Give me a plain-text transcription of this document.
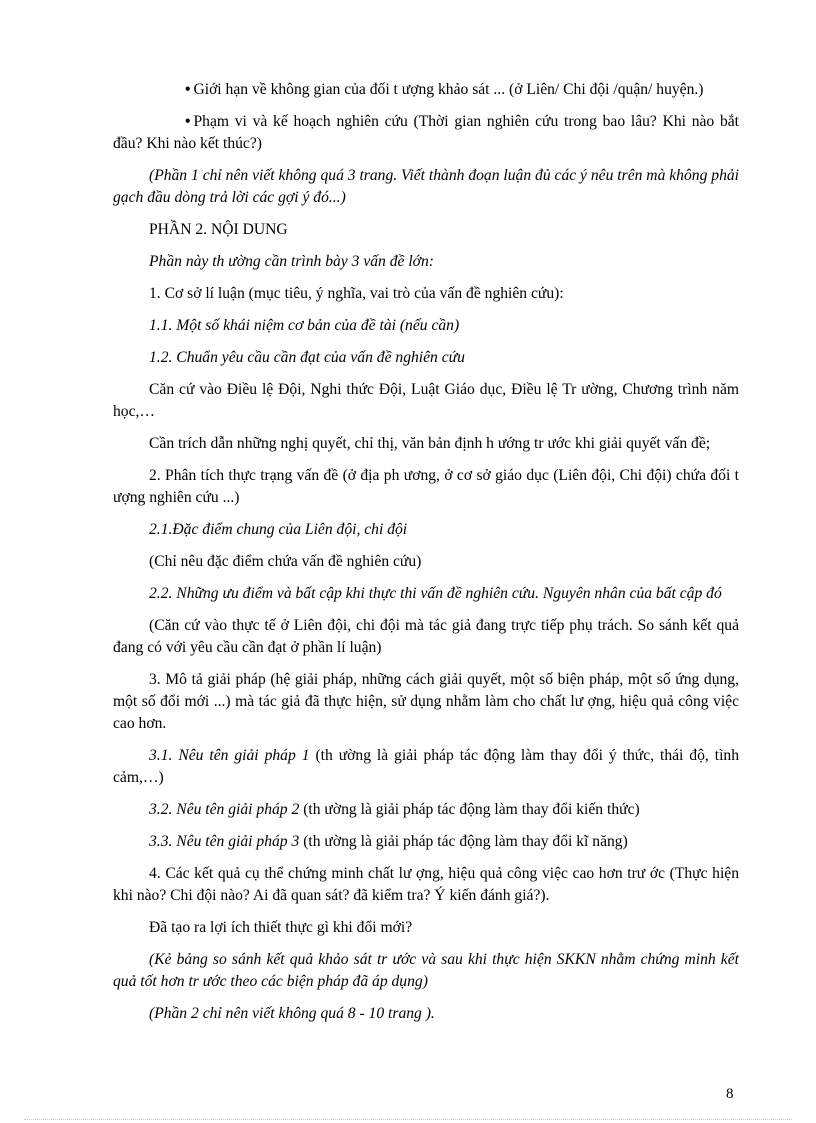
• Giới hạn về không gian của đối t ượng khảo sát ... (ở Liên/ Chi đội /quận/ huyện.)

• Phạm vi và kế hoạch nghiên cứu (Thời gian nghiên cứu trong bao lâu? Khi nào bắt đầu? Khi nào kết thúc?)

(Phần 1 chỉ nên viết không quá 3 trang. Viết thành đoạn luận đủ các ý nêu trên mà không phải gạch đầu dòng trả lời các gợi ý đó...)

PHẦN 2. NỘI DUNG

Phần này th ường cần trình bày 3 vấn đề lớn:

1. Cơ sở lí luận (mục tiêu, ý nghĩa, vai trò của vấn đề nghiên cứu):

1.1. Một số khái niệm cơ bản của đề tài (nếu cần)

1.2. Chuẩn yêu cầu cần đạt của vấn đề nghiên cứu

Căn cứ vào Điều lệ Đội, Nghi thức Đội, Luật Giáo dục, Điều lệ Tr ường, Chương trình năm học,…

Cần trích dẫn những nghị quyết, chỉ thị, văn bản định h ướng tr ước khi giải quyết vấn đề;

2. Phân tích thực trạng vấn đề (ở địa ph ương, ở cơ sở giáo dục (Liên đội, Chi đội) chứa đối t ượng nghiên cứu ...)

2.1.Đặc điểm chung của Liên đội, chi đội

(Chỉ nêu đặc điểm chứa vấn đề nghiên cứu)

2.2. Những ưu điểm và bất cập khi thực thi vấn đề nghiên cứu. Nguyên nhân của bất cập đó

(Căn cứ vào thực tế ở Liên đội, chi đội mà tác giả đang trực tiếp phụ trách. So sánh kết quả đang có với yêu cầu cần đạt ở phần lí luận)

3. Mô tả giải pháp (hệ giải pháp, những cách giải quyết, một số biện pháp, một số ứng dụng, một số đổi mới ...) mà tác giả đã thực hiện, sử dụng nhằm làm cho chất lư ợng, hiệu quả công việc cao hơn.

3.1. Nêu tên giải pháp 1 (th ường là giải pháp tác động làm thay đổi ý thức, thái độ, tình cảm,…)

3.2. Nêu tên giải pháp 2 (th ường là giải pháp tác động làm thay đổi kiến thức)

3.3. Nêu tên giải pháp 3 (th ường là giải pháp tác động làm thay đổi kĩ năng)

4. Các kết quả cụ thể chứng minh chất lư ợng, hiệu quả công việc cao hơn trư ớc (Thực hiện khi nào? Chi đội nào? Ai đã quan sát? đã kiểm tra? Ý kiến đánh giá?).

Đã tạo ra lợi ích thiết thực gì khi đổi mới?

(Kẻ bảng so sánh kết quả khảo sát tr ước và sau khi thực hiện SKKN nhằm chứng minh kết quả tốt hơn tr ước theo các biện pháp đã áp dụng)

(Phần 2 chỉ nên viết không quá 8 - 10 trang ).

8
